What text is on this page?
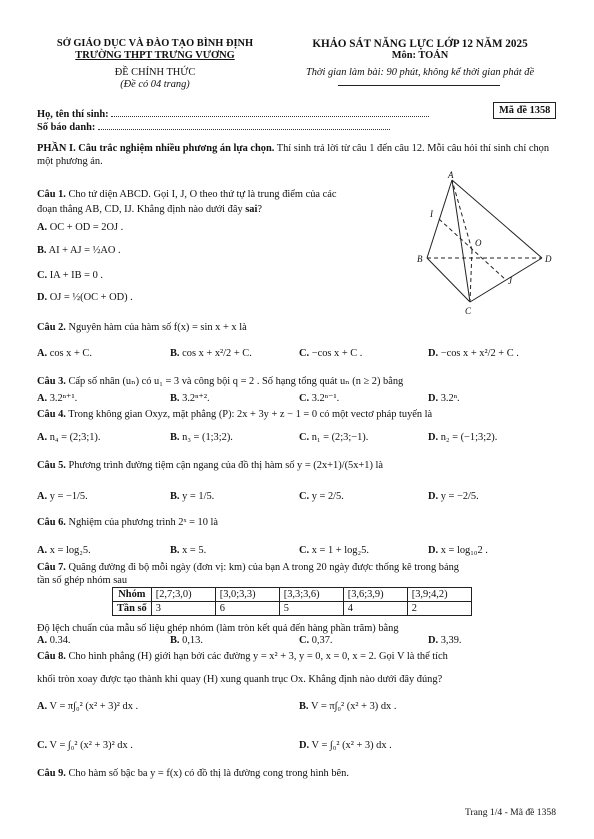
SỞ GIÁO DỤC VÀ ĐÀO TẠO BÌNH ĐỊNH
TRƯỜNG THPT TRƯNG VƯƠNG
ĐỀ CHÍNH THỨC
(Đề có 04 trang)
KHẢO SÁT NĂNG LỰC LỚP 12 NĂM 2025
Môn: TOÁN
Thời gian làm bài: 90 phút, không kể thời gian phát đề
Họ, tên thí sinh:
Số báo danh:
Mã đề 1358
PHẦN I. Câu trắc nghiệm nhiều phương án lựa chọn. Thí sinh trả lời từ câu 1 đến câu 12. Mỗi câu hỏi thí sinh chỉ chọn một phương án.
Câu 1. Cho tứ diện ABCD. Gọi I, J, O theo thứ tự là trung điểm của các
đoạn thẳng AB, CD, IJ. Khẳng định nào dưới đây sai?
A. OC + OD = 2OJ .
B. AI + AJ = ½AO .
C. IA + IB = 0 .
D. OJ = ½(OC + OD) .
A
I
O
B	D
J
C
Câu 2. Nguyên hàm của hàm số f(x) = sin x + x là
A. cos x + C.	B. cos x + x²/2 + C.	C. −cos x + C .	D. −cos x + x²/2 + C .
Câu 3. Cấp số nhân (uₙ) có u₁ = 3 và công bội q = 2 . Số hạng tổng quát uₙ (n ≥ 2) bằng
A. 3.2ⁿ⁺¹.	B. 3.2ⁿ⁺².	C. 3.2ⁿ⁻¹.	D. 3.2ⁿ.
Câu 4. Trong không gian Oxyz, mặt phẳng (P): 2x + 3y + z − 1 = 0 có một vectơ pháp tuyến là
A. n₄ = (2;3;1).	B. n₃ = (1;3;2).	C. n₁ = (2;3;−1).	D. n₂ = (−1;3;2).
Câu 5. Phương trình đường tiệm cận ngang của đồ thị hàm số y = (2x+1)/(5x+1) là
A. y = −1/5.	B. y = 1/5.	C. y = 2/5.	D. y = −2/5.
Câu 6. Nghiệm của phương trình 2ˣ = 10 là
A. x = log₂5.	B. x = 5.	C. x = 1 + log₂5.	D. x = log₁₀2 .
Câu 7. Quãng đường đi bộ mỗi ngày (đơn vị: km) của bạn A trong 20 ngày được thống kê trong bảng
tần số ghép nhóm sau
Nhóm	[2,7;3,0)	[3,0;3,3)	[3,3;3,6)	[3,6;3,9)	[3,9;4,2)
Tần số	3	6	5	4	2
Độ lệch chuẩn của mẫu số liệu ghép nhóm (làm tròn kết quả đến hàng phần trăm) bằng
A. 0.34.	B. 0,13.	C. 0,37.	D. 3,39.
Câu 8. Cho hình phẳng (H) giới hạn bởi các đường y = x² + 3, y = 0, x = 0, x = 2. Gọi V là thể tích
khối tròn xoay được tạo thành khi quay (H) xung quanh trục Ox. Khẳng định nào dưới đây đúng?
A. V = π∫₀² (x² + 3)² dx .	B. V = π∫₀² (x² + 3) dx .
C. V = ∫₀² (x² + 3)² dx .	D. V = ∫₀² (x² + 3) dx .
Câu 9. Cho hàm số bậc ba y = f(x) có đồ thị là đường cong trong hình bên.
Trang 1/4 - Mã đề 1358
